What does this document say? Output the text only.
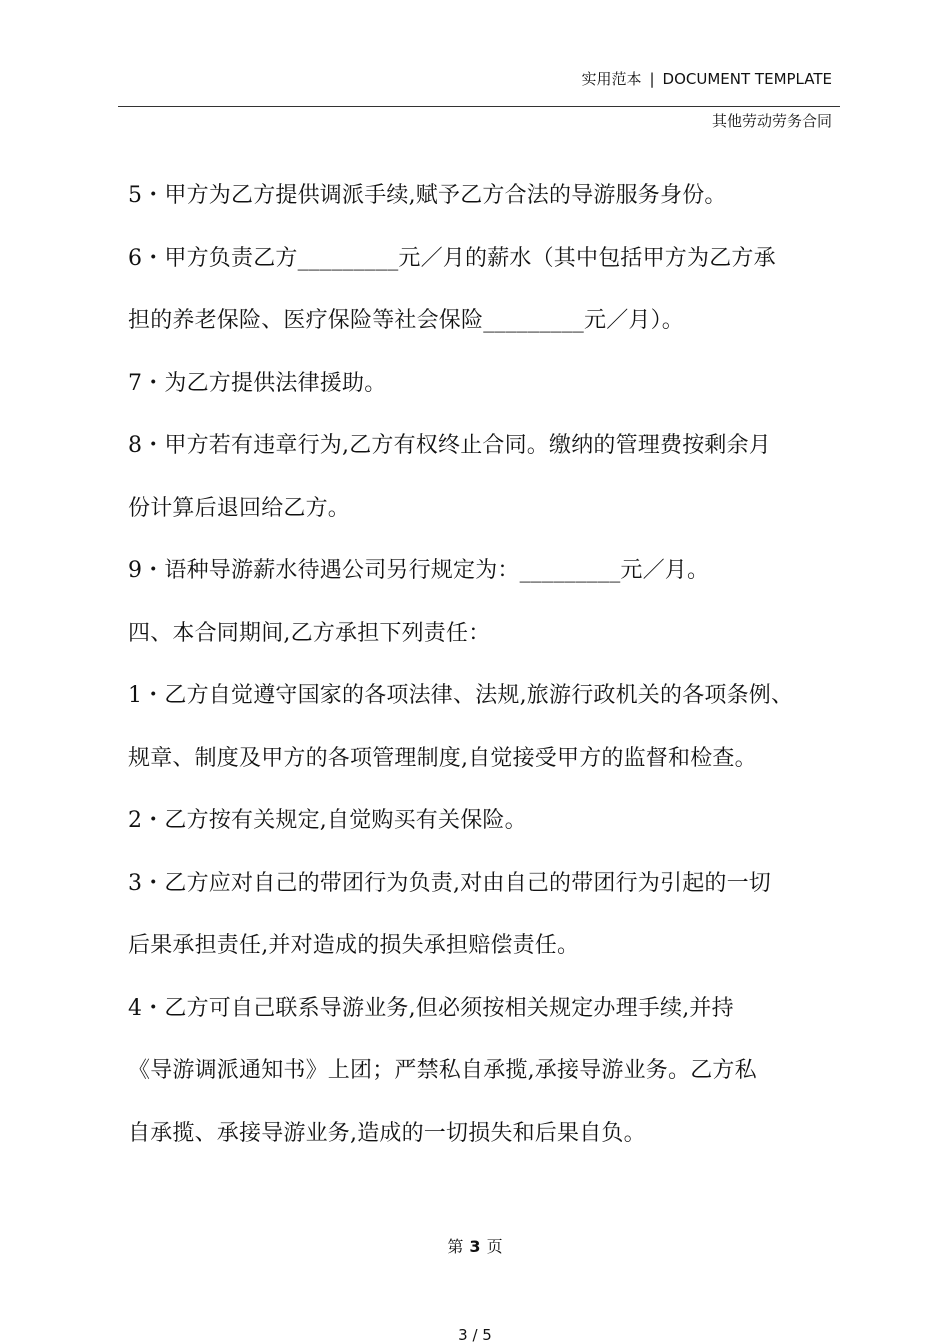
实用范本 | DOCUMENT TEMPLATE
其他劳动劳务合同
5・甲方为乙方提供调派手续,赋予乙方合法的导游服务身份。
6・甲方负责乙方_________元／月的薪水（其中包括甲方为乙方承
担的养老保险、医疗保险等社会保险_________元／月）。
7・为乙方提供法律援助。
8・甲方若有违章行为,乙方有权终止合同。缴纳的管理费按剩余月
份计算后退回给乙方。
9・语种导游薪水待遇公司另行规定为：_________元／月。
四、本合同期间,乙方承担下列责任：
1・乙方自觉遵守国家的各项法律、法规,旅游行政机关的各项条例、
规章、制度及甲方的各项管理制度,自觉接受甲方的监督和检查。
2・乙方按有关规定,自觉购买有关保险。
3・乙方应对自己的带团行为负责,对由自己的带团行为引起的一切
后果承担责任,并对造成的损失承担赔偿责任。
4・乙方可自己联系导游业务,但必须按相关规定办理手续,并持
《导游调派通知书》上团；严禁私自承揽,承接导游业务。乙方私
自承揽、承接导游业务,造成的一切损失和后果自负。
第 3 页
3 / 5
